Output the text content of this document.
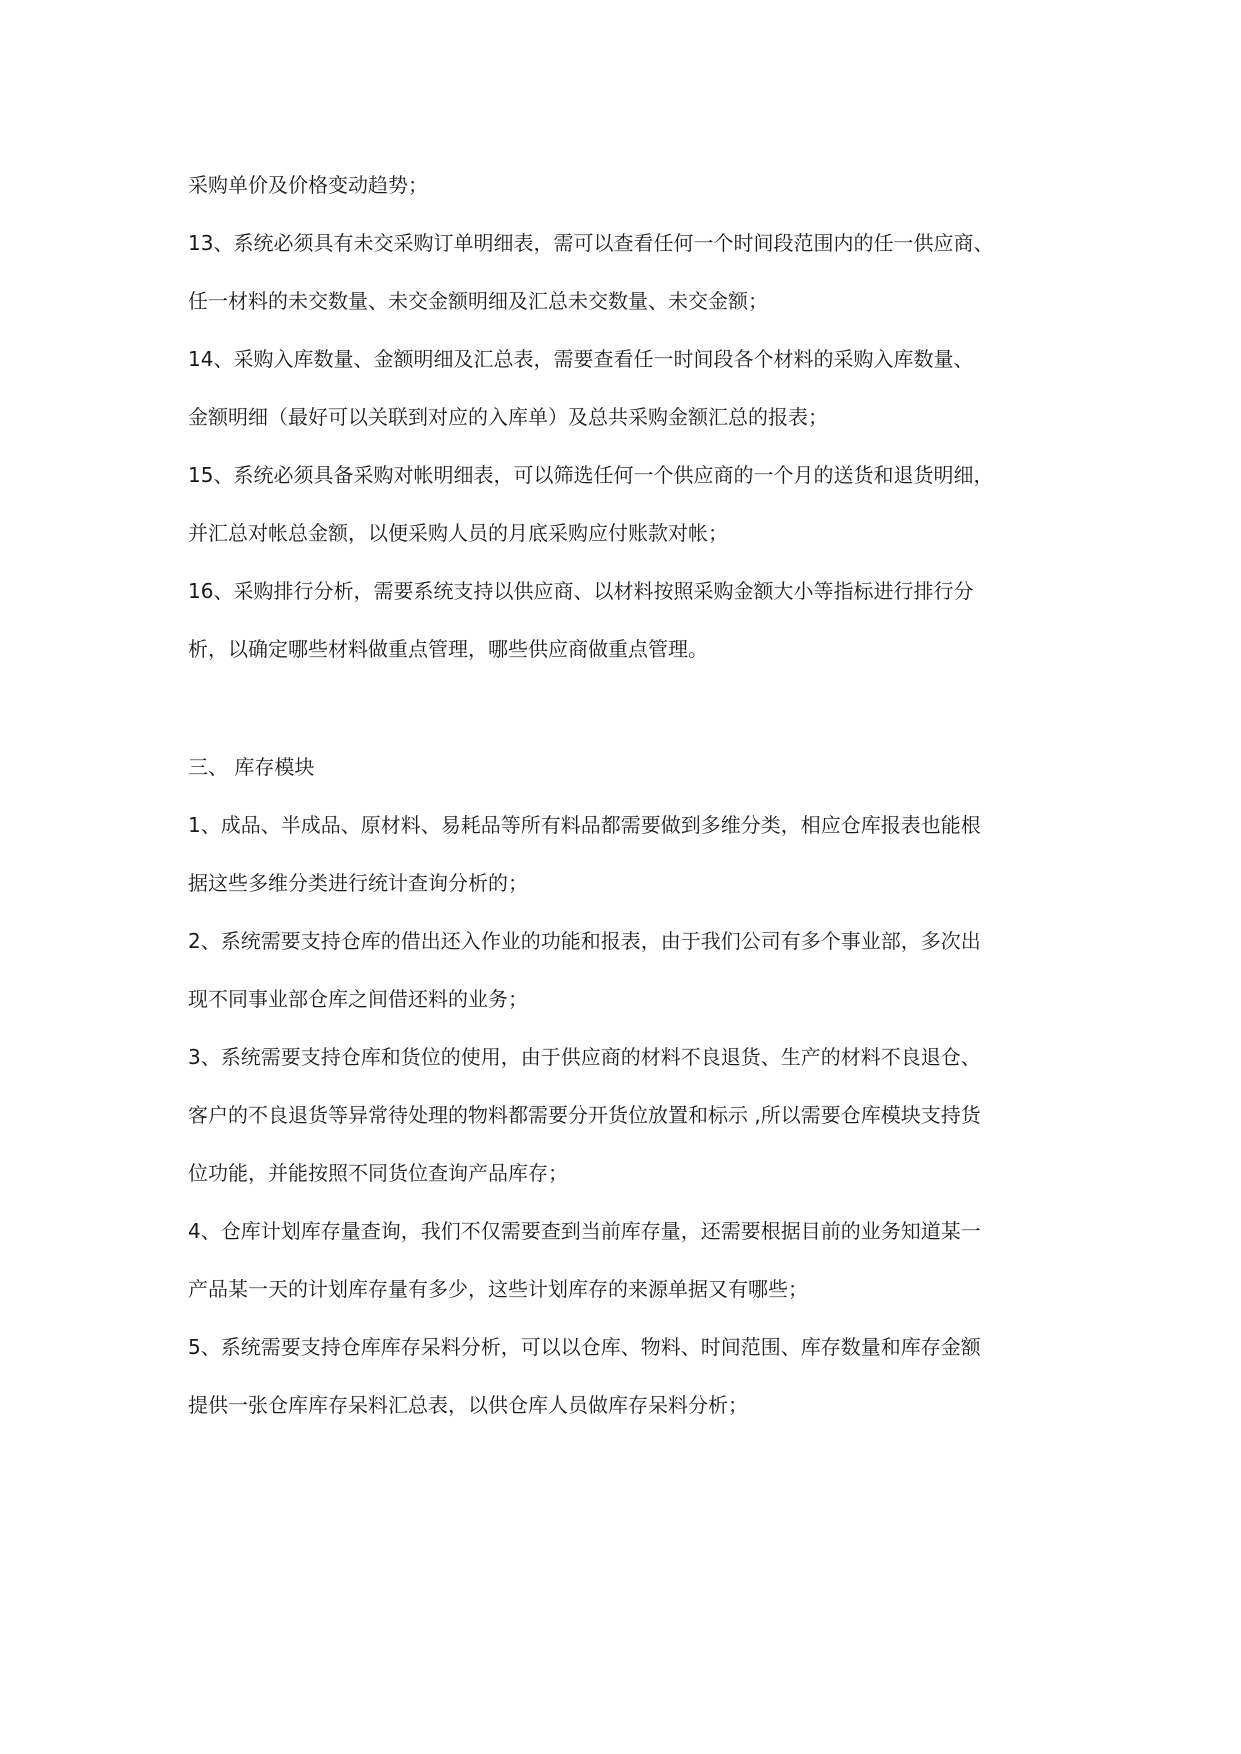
采购单价及价格变动趋势；
13、系统必须具有未交采购订单明细表，需可以查看任何一个时间段范围内的任一供应商、
任一材料的未交数量、未交金额明细及汇总未交数量、未交金额；
14、采购入库数量、金额明细及汇总表，需要查看任一时间段各个材料的采购入库数量、
金额明细（最好可以关联到对应的入库单）及总共采购金额汇总的报表；
15、系统必须具备采购对帐明细表，可以筛选任何一个供应商的一个月的送货和退货明细，
并汇总对帐总金额，以便采购人员的月底采购应付账款对帐；
16、采购排行分析，需要系统支持以供应商、以材料按照采购金额大小等指标进行排行分
析，以确定哪些材料做重点管理，哪些供应商做重点管理。
三、 库存模块
1、成品、半成品、原材料、易耗品等所有料品都需要做到多维分类，相应仓库报表也能根
据这些多维分类进行统计查询分析的；
2、系统需要支持仓库的借出还入作业的功能和报表，由于我们公司有多个事业部，多次出
现不同事业部仓库之间借还料的业务；
3、系统需要支持仓库和货位的使用，由于供应商的材料不良退货、生产的材料不良退仓、
客户的不良退货等异常待处理的物料都需要分开货位放置和标示 ,所以需要仓库模块支持货
位功能，并能按照不同货位查询产品库存；
4、仓库计划库存量查询，我们不仅需要查到当前库存量，还需要根据目前的业务知道某一
产品某一天的计划库存量有多少，这些计划库存的来源单据又有哪些；
5、系统需要支持仓库库存呆料分析，可以以仓库、物料、时间范围、库存数量和库存金额
提供一张仓库库存呆料汇总表，以供仓库人员做库存呆料分析；
